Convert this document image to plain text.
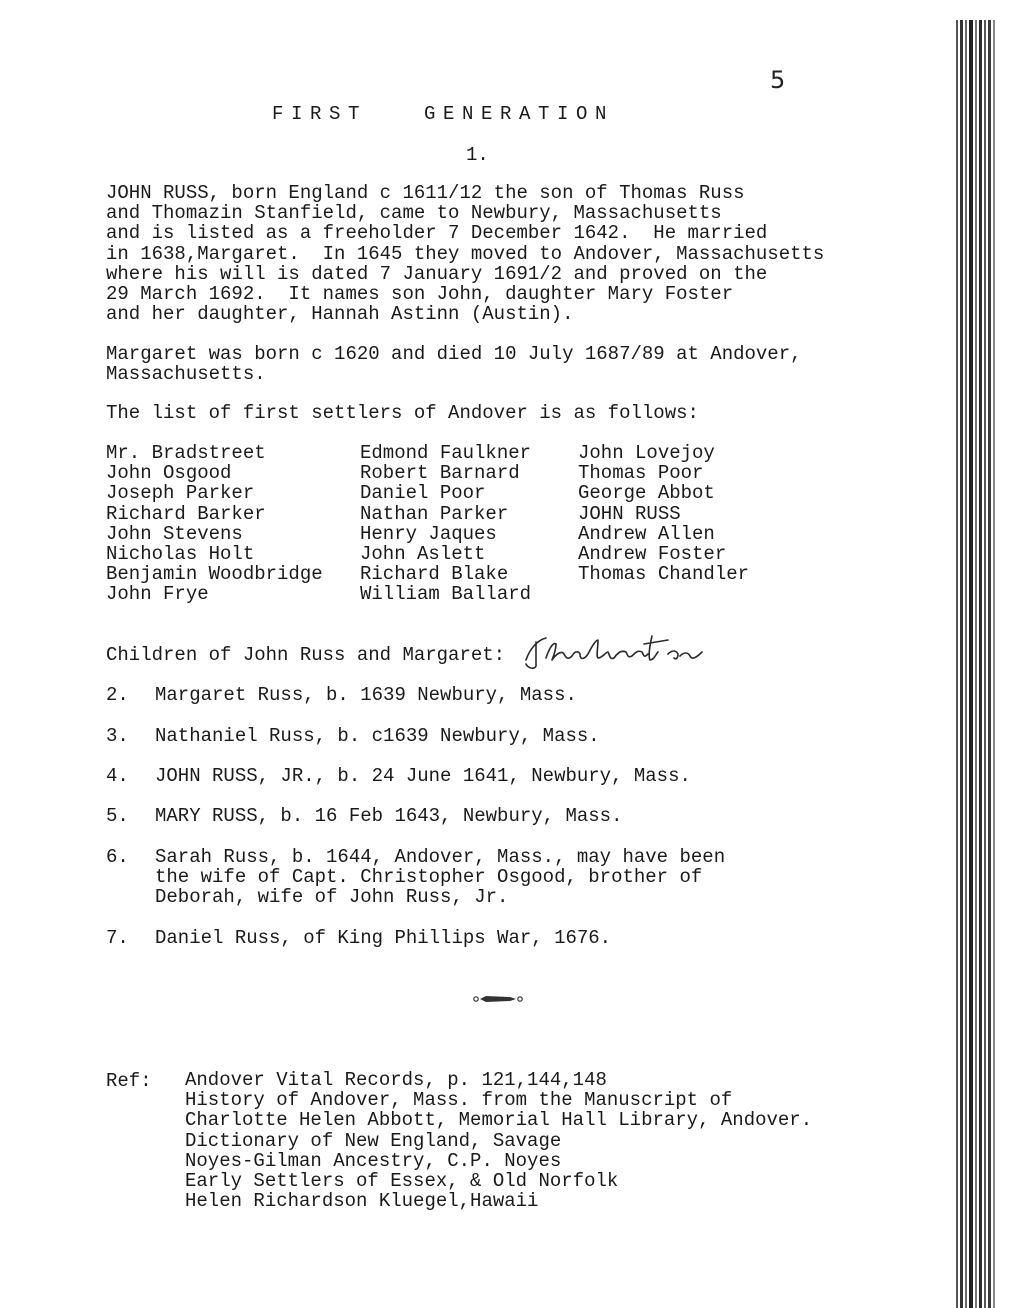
5
FIRST   GENERATION
1.
JOHN RUSS, born England c 1611/12 the son of Thomas Russ
and Thomazin Stanfield, came to Newbury, Massachusetts
and is listed as a freeholder 7 December 1642.  He married
in 1638,Margaret.  In 1645 they moved to Andover, Massachusetts
where his will is dated 7 January 1691/2 and proved on the
29 March 1692.  It names son John, daughter Mary Foster
and her daughter, Hannah Astinn (Austin).
Margaret was born c 1620 and died 10 July 1687/89 at Andover,
Massachusetts.
The list of first settlers of Andover is as follows:
Mr. Bradstreet
John Osgood
Joseph Parker
Richard Barker
John Stevens
Nicholas Holt
Benjamin Woodbridge
John Frye
Edmond Faulkner
Robert Barnard
Daniel Poor
Nathan Parker
Henry Jaques
John Aslett
Richard Blake
William Ballard
John Lovejoy
Thomas Poor
George Abbot
JOHN RUSS
Andrew Allen
Andrew Foster
Thomas Chandler
Children of John Russ and Margaret:
2. Margaret Russ, b. 1639 Newbury, Mass.
3. Nathaniel Russ, b. c1639 Newbury, Mass.
4. JOHN RUSS, JR., b. 24 June 1641, Newbury, Mass.
5. MARY RUSS, b. 16 Feb 1643, Newbury, Mass.
6. Sarah Russ, b. 1644, Andover, Mass., may have been
the wife of Capt. Christopher Osgood, brother of
Deborah, wife of John Russ, Jr.
7. Daniel Russ, of King Phillips War, 1676.
Ref: Andover Vital Records, p. 121,144,148
History of Andover, Mass. from the Manuscript of
Charlotte Helen Abbott, Memorial Hall Library, Andover.
Dictionary of New England, Savage
Noyes-Gilman Ancestry, C.P. Noyes
Early Settlers of Essex, & Old Norfolk
Helen Richardson Kluegel,Hawaii
